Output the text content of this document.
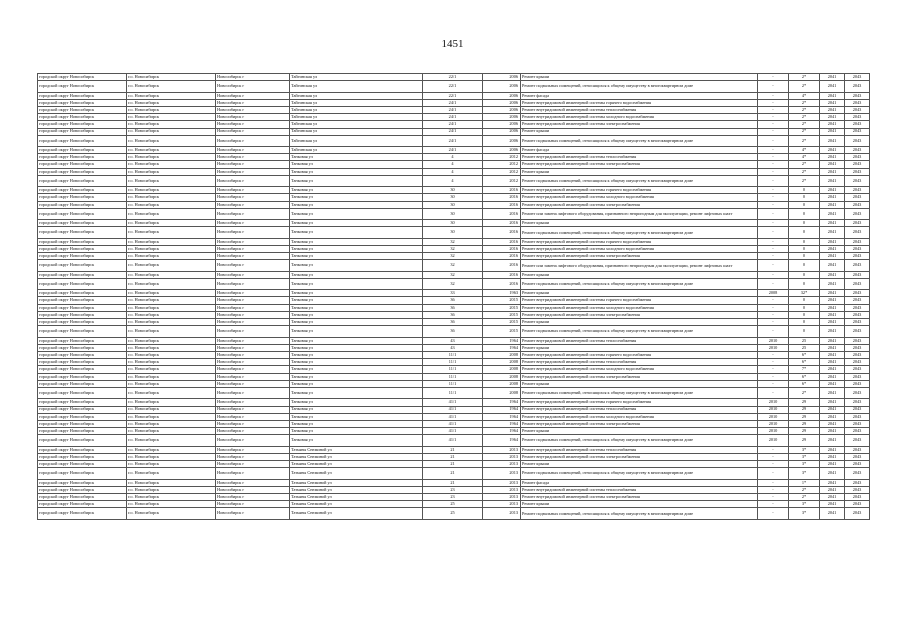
1451
городской округ Новосибирск	г.о. Новосибирск	Новосибирск г	Тайгинская ул	22/1	2006	Ремонт крыши	-	2*	2041	2043
городской округ Новосибирск	г.о. Новосибирск	Новосибирск г	Тайгинская ул	22/1	2006	Ремонт подвальных помещений, относящихся к общему имуществу в многоквартирном доме	-	2*	2041	2043
городской округ Новосибирск	г.о. Новосибирск	Новосибирск г	Тайгинская ул	22/1	2006	Ремонт фасада	-	4*	2041	2043
городской округ Новосибирск	г.о. Новосибирск	Новосибирск г	Тайгинская ул	24/1	2006	Ремонт внутридомовой инженерной системы горячего водоснабжения	-	2*	2041	2043
городской округ Новосибирск	г.о. Новосибирск	Новосибирск г	Тайгинская ул	24/1	2006	Ремонт внутридомовой инженерной системы теплоснабжения	-	2*	2041	2043
городской округ Новосибирск	г.о. Новосибирск	Новосибирск г	Тайгинская ул	24/1	2006	Ремонт внутридомовой инженерной системы холодного водоснабжения	-	2*	2041	2043
городской округ Новосибирск	г.о. Новосибирск	Новосибирск г	Тайгинская ул	24/1	2006	Ремонт внутридомовой инженерной системы электроснабжения	-	2*	2041	2043
городской округ Новосибирск	г.о. Новосибирск	Новосибирск г	Тайгинская ул	24/1	2006	Ремонт крыши	-	2*	2041	2043
городской округ Новосибирск	г.о. Новосибирск	Новосибирск г	Тайгинская ул	24/1	2006	Ремонт подвальных помещений, относящихся к общему имуществу в многоквартирном доме	-	2*	2041	2043
городской округ Новосибирск	г.о. Новосибирск	Новосибирск г	Тайгинская ул	24/1	2006	Ремонт фасада	-	4*	2041	2043
городской округ Новосибирск	г.о. Новосибирск	Новосибирск г	Танковая ул	4	2012	Ремонт внутридомовой инженерной системы теплоснабжения	-	4*	2041	2043
городской округ Новосибирск	г.о. Новосибирск	Новосибирск г	Танковая ул	4	2012	Ремонт внутридомовой инженерной системы электроснабжения	-	2*	2041	2043
городской округ Новосибирск	г.о. Новосибирск	Новосибирск г	Танковая ул	4	2012	Ремонт крыши	-	2*	2041	2043
городской округ Новосибирск	г.о. Новосибирск	Новосибирск г	Танковая ул	4	2012	Ремонт подвальных помещений, относящихся к общему имуществу в многоквартирном доме	-	2*	2041	2043
городской округ Новосибирск	г.о. Новосибирск	Новосибирск г	Танковая ул	30	2016	Ремонт внутридомовой инженерной системы горячего водоснабжения	-	0	2041	2043
городской округ Новосибирск	г.о. Новосибирск	Новосибирск г	Танковая ул	30	2016	Ремонт внутридомовой инженерной системы холодного водоснабжения	-	0	2041	2043
городской округ Новосибирск	г.о. Новосибирск	Новосибирск г	Танковая ул	30	2016	Ремонт внутридомовой инженерной системы электроснабжения	-	0	2041	2043
городской округ Новосибирск	г.о. Новосибирск	Новосибирск г	Танковая ул	30	2016	Ремонт или замена лифтового оборудования, признанного непригодным для эксплуатации, ремонт лифтовых шахт	-	0	2041	2043
городской округ Новосибирск	г.о. Новосибирск	Новосибирск г	Танковая ул	30	2016	Ремонт крыши	-	0	2041	2043
городской округ Новосибирск	г.о. Новосибирск	Новосибирск г	Танковая ул	30	2016	Ремонт подвальных помещений, относящихся к общему имуществу в многоквартирном доме	-	0	2041	2043
городской округ Новосибирск	г.о. Новосибирск	Новосибирск г	Танковая ул	32	2016	Ремонт внутридомовой инженерной системы горячего водоснабжения	-	0	2041	2043
городской округ Новосибирск	г.о. Новосибирск	Новосибирск г	Танковая ул	32	2016	Ремонт внутридомовой инженерной системы холодного водоснабжения	-	0	2041	2043
городской округ Новосибирск	г.о. Новосибирск	Новосибирск г	Танковая ул	32	2016	Ремонт внутридомовой инженерной системы электроснабжения	-	0	2041	2043
городской округ Новосибирск	г.о. Новосибирск	Новосибирск г	Танковая ул	32	2016	Ремонт или замена лифтового оборудования, признанного непригодным для эксплуатации, ремонт лифтовых шахт	-	0	2041	2043
городской округ Новосибирск	г.о. Новосибирск	Новосибирск г	Танковая ул	32	2016	Ремонт крыши	-	0	2041	2043
городской округ Новосибирск	г.о. Новосибирск	Новосибирск г	Танковая ул	32	2016	Ремонт подвальных помещений, относящихся к общему имуществу в многоквартирном доме	-	0	2041	2043
городской округ Новосибирск	г.о. Новосибирск	Новосибирск г	Танковая ул	33	1963	Ремонт крыши	2008	32*	2041	2043
городской округ Новосибирск	г.о. Новосибирск	Новосибирск г	Танковая ул	36	2015	Ремонт внутридомовой инженерной системы горячего водоснабжения	-	0	2041	2043
городской округ Новосибирск	г.о. Новосибирск	Новосибирск г	Танковая ул	36	2015	Ремонт внутридомовой инженерной системы холодного водоснабжения	-	0	2041	2043
городской округ Новосибирск	г.о. Новосибирск	Новосибирск г	Танковая ул	36	2015	Ремонт внутридомовой инженерной системы электроснабжения	-	0	2041	2043
городской округ Новосибирск	г.о. Новосибирск	Новосибирск г	Танковая ул	36	2015	Ремонт крыши	-	0	2041	2043
городской округ Новосибирск	г.о. Новосибирск	Новосибирск г	Танковая ул	36	2015	Ремонт подвальных помещений, относящихся к общему имуществу в многоквартирном доме	-	0	2041	2043
городской округ Новосибирск	г.о. Новосибирск	Новосибирск г	Танковая ул	43	1964	Ремонт внутридомовой инженерной системы теплоснабжения	2010	25	2041	2043
городской округ Новосибирск	г.о. Новосибирск	Новосибирск г	Танковая ул	43	1964	Ремонт крыши	2010	25	2041	2043
городской округ Новосибирск	г.о. Новосибирск	Новосибирск г	Танковая ул	11/1	2008	Ремонт внутридомовой инженерной системы горячего водоснабжения	-	6*	2041	2043
городской округ Новосибирск	г.о. Новосибирск	Новосибирск г	Танковая ул	11/1	2008	Ремонт внутридомовой инженерной системы теплоснабжения	-	6*	2041	2043
городской округ Новосибирск	г.о. Новосибирск	Новосибирск г	Танковая ул	11/1	2008	Ремонт внутридомовой инженерной системы холодного водоснабжения	-	7*	2041	2043
городской округ Новосибирск	г.о. Новосибирск	Новосибирск г	Танковая ул	11/1	2008	Ремонт внутридомовой инженерной системы электроснабжения	-	6*	2041	2043
городской округ Новосибирск	г.о. Новосибирск	Новосибирск г	Танковая ул	11/1	2008	Ремонт крыши	-	6*	2041	2043
городской округ Новосибирск	г.о. Новосибирск	Новосибирск г	Танковая ул	11/1	2008	Ремонт подвальных помещений, относящихся к общему имуществу в многоквартирном доме	-	2*	2041	2043
городской округ Новосибирск	г.о. Новосибирск	Новосибирск г	Танковая ул	41/1	1964	Ремонт внутридомовой инженерной системы горячего водоснабжения	2010	29	2041	2043
городской округ Новосибирск	г.о. Новосибирск	Новосибирск г	Танковая ул	41/1	1964	Ремонт внутридомовой инженерной системы теплоснабжения	2010	29	2041	2043
городской округ Новосибирск	г.о. Новосибирск	Новосибирск г	Танковая ул	41/1	1964	Ремонт внутридомовой инженерной системы холодного водоснабжения	2010	29	2041	2043
городской округ Новосибирск	г.о. Новосибирск	Новосибирск г	Танковая ул	41/1	1964	Ремонт внутридомовой инженерной системы электроснабжения	2010	29	2041	2043
городской округ Новосибирск	г.о. Новосибирск	Новосибирск г	Танковая ул	41/1	1964	Ремонт крыши	2010	29	2041	2043
городской округ Новосибирск	г.о. Новосибирск	Новосибирск г	Танковая ул	41/1	1964	Ремонт подвальных помещений, относящихся к общему имуществу в многоквартирном доме	2010	29	2041	2043
городской округ Новосибирск	г.о. Новосибирск	Новосибирск г	Татьяны Снежиной ул	21	2013	Ремонт внутридомовой инженерной системы теплоснабжения	-	3*	2041	2043
городской округ Новосибирск	г.о. Новосибирск	Новосибирск г	Татьяны Снежиной ул	21	2013	Ремонт внутридомовой инженерной системы электроснабжения	-	3*	2041	2043
городской округ Новосибирск	г.о. Новосибирск	Новосибирск г	Татьяны Снежиной ул	21	2013	Ремонт крыши	-	3*	2041	2043
городской округ Новосибирск	г.о. Новосибирск	Новосибирск г	Татьяны Снежиной ул	21	2013	Ремонт подвальных помещений, относящихся к общему имуществу в многоквартирном доме	-	3*	2041	2043
городской округ Новосибирск	г.о. Новосибирск	Новосибирск г	Татьяны Снежиной ул	21	2013	Ремонт фасада	-	1*	2041	2043
городской округ Новосибирск	г.о. Новосибирск	Новосибирск г	Татьяны Снежиной ул	23	2013	Ремонт внутридомовой инженерной системы теплоснабжения	-	2*	2041	2043
городской округ Новосибирск	г.о. Новосибирск	Новосибирск г	Татьяны Снежиной ул	23	2013	Ремонт внутридомовой инженерной системы электроснабжения	-	2*	2041	2043
городской округ Новосибирск	г.о. Новосибирск	Новосибирск г	Татьяны Снежиной ул	25	2013	Ремонт крыши	-	3*	2041	2043
городской округ Новосибирск	г.о. Новосибирск	Новосибирск г	Татьяны Снежиной ул	25	2013	Ремонт подвальных помещений, относящихся к общему имуществу в многоквартирном доме	-	3*	2041	2043
